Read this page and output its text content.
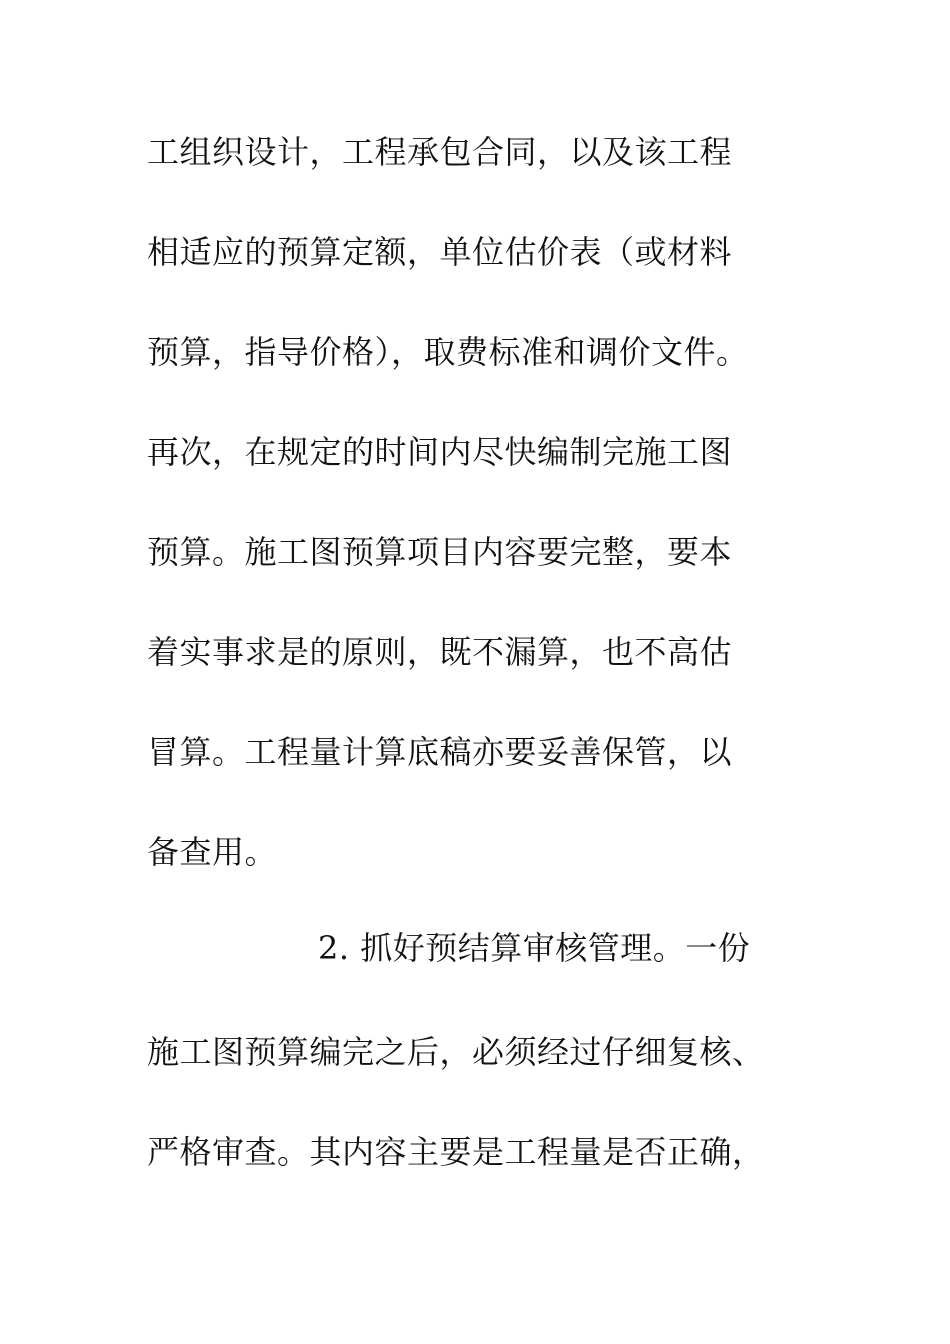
工组织设计，工程承包合同，以及该工程
相适应的预算定额，单位估价表（或材料
预算，指导价格），取费标准和调价文件。
再次，在规定的时间内尽快编制完施工图
预算。施工图预算项目内容要完整，要本
着实事求是的原则，既不漏算，也不高估
冒算。工程量计算底稿亦要妥善保管，以
备查用。
2. 抓好预结算审核管理。一份
施工图预算编完之后，必须经过仔细复核、
严格审查。其内容主要是工程量是否正确，
